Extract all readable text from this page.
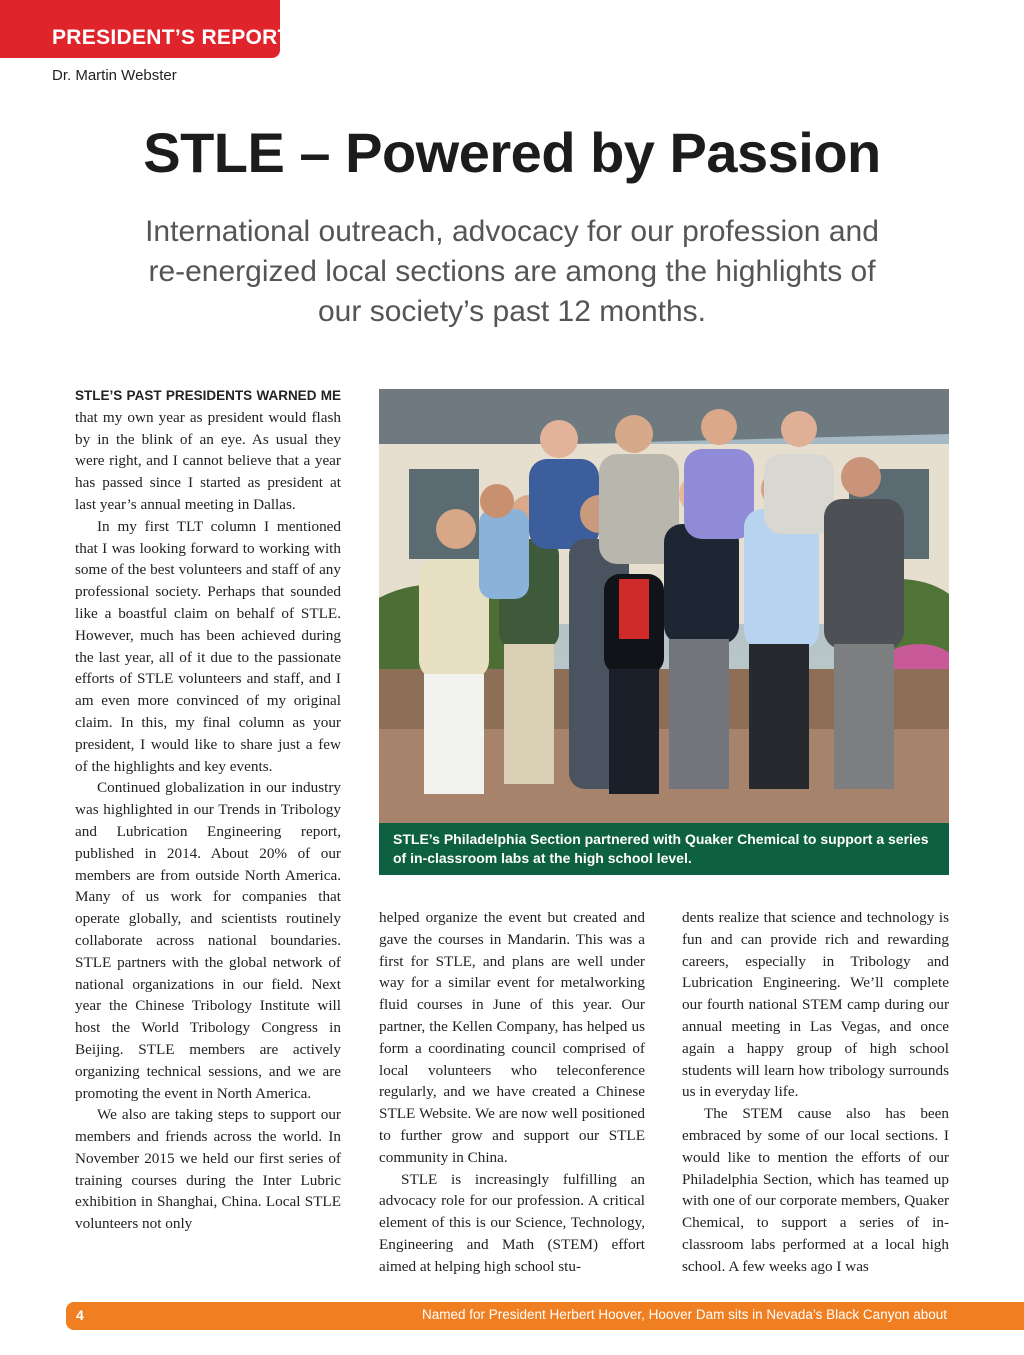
PRESIDENT’S REPORT
Dr. Martin Webster
STLE – Powered by Passion
International outreach, advocacy for our profession and re-energized local sections are among the highlights of our society’s past 12 months.

STLE’S PAST PRESIDENTS WARNED ME that my own year as president would flash by in the blink of an eye. As usual they were right, and I cannot believe that a year has passed since I started as president at last year’s annual meeting in Dallas.

In my first TLT column I mentioned that I was looking forward to working with some of the best volunteers and staff of any professional society. Perhaps that sounded like a boastful claim on behalf of STLE. However, much has been achieved during the last year, all of it due to the passionate efforts of STLE volunteers and staff, and I am even more convinced of my original claim. In this, my final column as your president, I would like to share just a few of the highlights and key events.

Continued globalization in our industry was highlighted in our Trends in Tribology and Lubrication Engineering report, published in 2014. About 20% of our members are from outside North America. Many of us work for companies that operate globally, and scientists routinely collaborate across national boundaries. STLE partners with the global network of national organizations in our field. Next year the Chinese Tribology Institute will host the World Tribology Congress in Beijing. STLE members are actively organizing technical sessions, and we are promoting the event in North America.

We also are taking steps to support our members and friends across the world. In November 2015 we held our first series of training courses during the Inter Lubric exhibition in Shanghai, China. Local STLE volunteers not only

STLE’s Philadelphia Section partnered with Quaker Chemical to support a series of in-classroom labs at the high school level.

helped organize the event but created and gave the courses in Mandarin. This was a first for STLE, and plans are well under way for a similar event for metalworking fluid courses in June of this year. Our partner, the Kellen Company, has helped us form a coordinating council comprised of local volunteers who teleconference regularly, and we have created a Chinese STLE Website. We are now well positioned to further grow and support our STLE community in China.

STLE is increasingly fulfilling an advocacy role for our profession. A critical element of this is our Science, Technology, Engineering and Math (STEM) effort aimed at helping high school stu-

dents realize that science and technology is fun and can provide rich and rewarding careers, especially in Tribology and Lubrication Engineering. We’ll complete our fourth national STEM camp during our annual meeting in Las Vegas, and once again a happy group of high school students will learn how tribology surrounds us in everyday life.

The STEM cause also has been embraced by some of our local sections. I would like to mention the efforts of our Philadelphia Section, which has teamed up with one of our corporate members, Quaker Chemical, to support a series of in-classroom labs performed at a local high school. A few weeks ago I was

4	Named for President Herbert Hoover, Hoover Dam sits in Nevada’s Black Canyon about
